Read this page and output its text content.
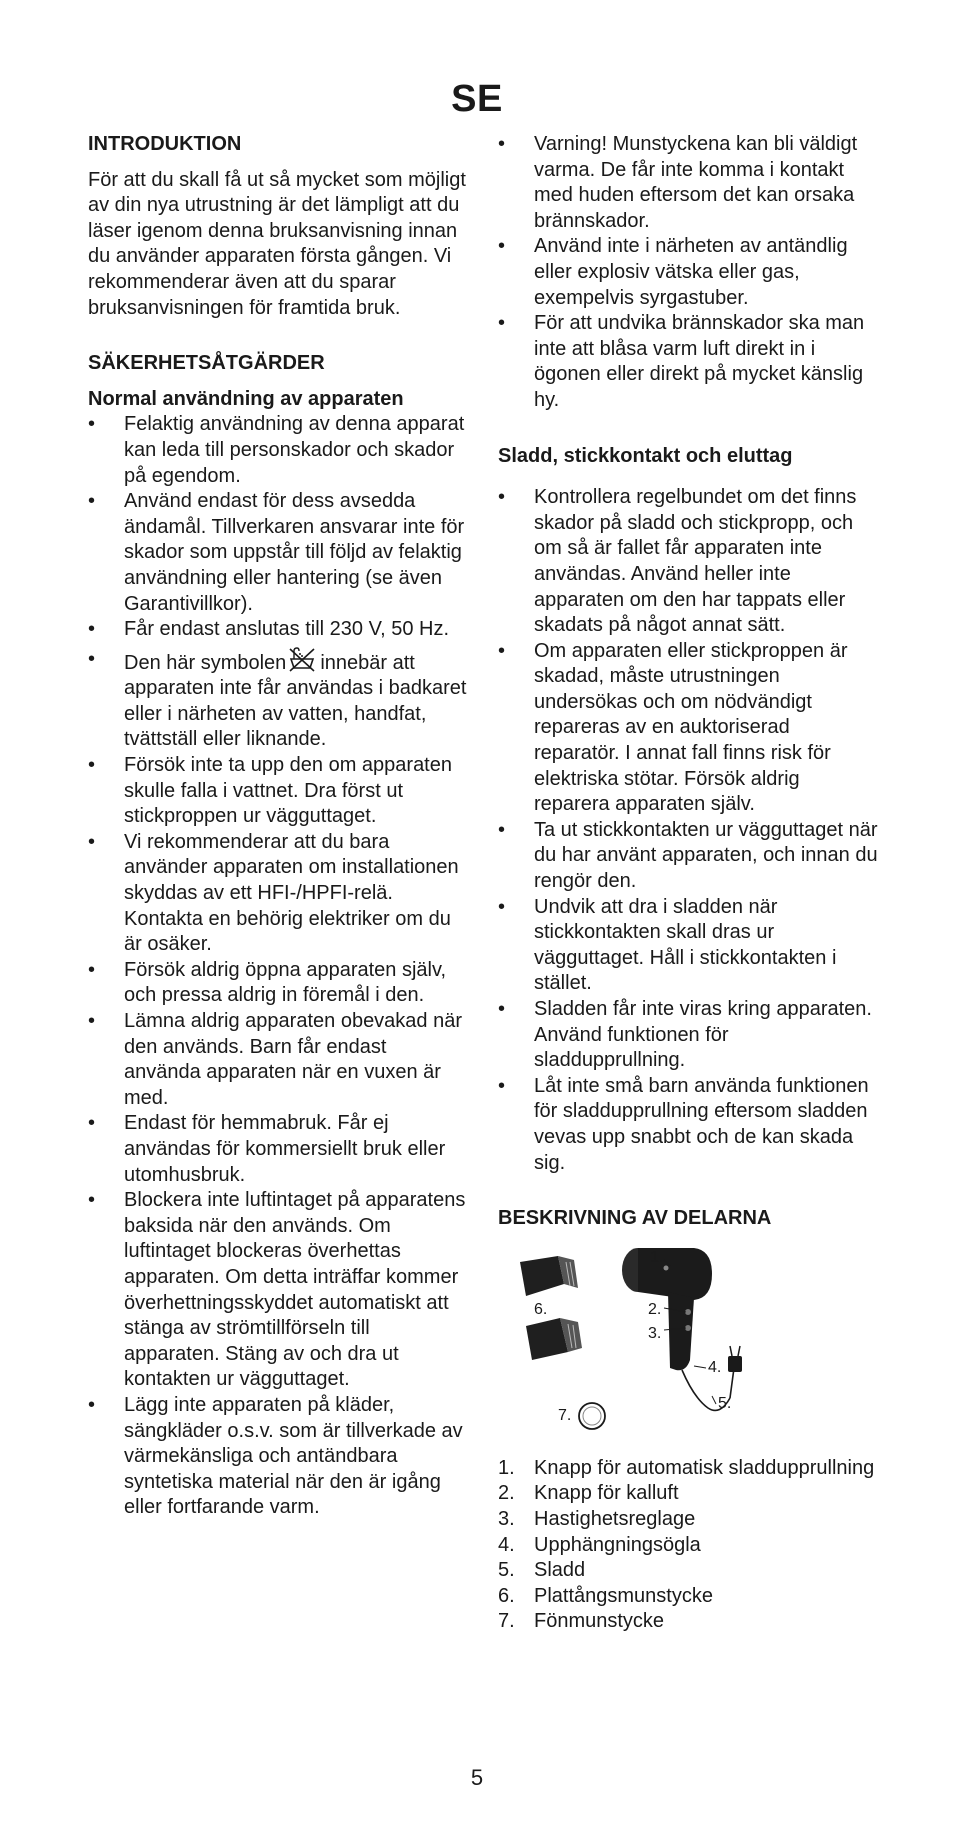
SE
INTRODUKTION

För att du skall få ut så mycket som möjligt av din nya utrustning är det lämpligt att du läser igenom denna bruksanvisning innan du använder apparaten första gången. Vi rekommenderar även att du sparar bruksanvisningen för framtida bruk.

SÄKERHETSÅTGÄRDER
Normal användning av apparaten
• Felaktig användning av denna apparat kan leda till personskador och skador på egendom.
• Använd endast för dess avsedda ändamål. Tillverkaren ansvarar inte för skador som uppstår till följd av felaktig användning eller hantering (se även Garantivillkor).
• Får endast anslutas till 230 V, 50 Hz.
• Den här symbolen innebär att apparaten inte får användas i badkaret eller i närheten av vatten, handfat, tvättställ eller liknande.
• Försök inte ta upp den om apparaten skulle falla i vattnet. Dra först ut stickproppen ur vägguttaget.
• Vi rekommenderar att du bara använder apparaten om installationen skyddas av ett HFI-/HPFI-relä. Kontakta en behörig elektriker om du är osäker.
• Försök aldrig öppna apparaten själv, och pressa aldrig in föremål i den.
• Lämna aldrig apparaten obevakad när den används. Barn får endast använda apparaten när en vuxen är med.
• Endast för hemmabruk. Får ej användas för kommersiellt bruk eller utomhusbruk.
• Blockera inte luftintaget på apparatens baksida när den används. Om luftintaget blockeras överhettas apparaten. Om detta inträffar kommer överhettningsskyddet automatiskt att stänga av strömtillförseln till apparaten. Stäng av och dra ut kontakten ur vägguttaget.
• Lägg inte apparaten på kläder, sängkläder o.s.v. som är tillverkade av värmekänsliga och antändbara syntetiska material när den är igång eller fortfarande varm.
• Varning! Munstyckena kan bli väldigt varma. De får inte komma i kontakt med huden eftersom det kan orsaka brännskador.
• Använd inte i närheten av antändlig eller explosiv vätska eller gas, exempelvis syrgastuber.
• För att undvika brännskador ska man inte att blåsa varm luft direkt in i ögonen eller direkt på mycket känslig hy.
Sladd, stickkontakt och eluttag
• Kontrollera regelbundet om det finns skador på sladd och stickpropp, och om så är fallet får apparaten inte användas. Använd heller inte apparaten om den har tappats eller skadats på något annat sätt.
• Om apparaten eller stickproppen är skadad, måste utrustningen undersökas och om nödvändigt repareras av en auktoriserad reparatör. I annat fall finns risk för elektriska stötar. Försök aldrig reparera apparaten själv.
• Ta ut stickkontakten ur vägguttaget när du har använt apparaten, och innan du rengör den.
• Undvik att dra i sladden när stickkontakten skall dras ur vägguttaget. Håll i stickkontakten i stället.
• Sladden får inte viras kring apparaten. Använd funktionen för sladdupprullning.
• Låt inte små barn använda funktionen för sladdupprullning eftersom sladden vevas upp snabbt och de kan skada sig.
BESKRIVNING AV DELARNA
1.
2.
3.
4.
5.
6.
7.
1. Knapp för automatisk sladdupprullning
2. Knapp för kalluft
3. Hastighetsreglage
4. Upphängningsögla
5. Sladd
6. Plattångsmunstycke
7. Fönmunstycke
5
